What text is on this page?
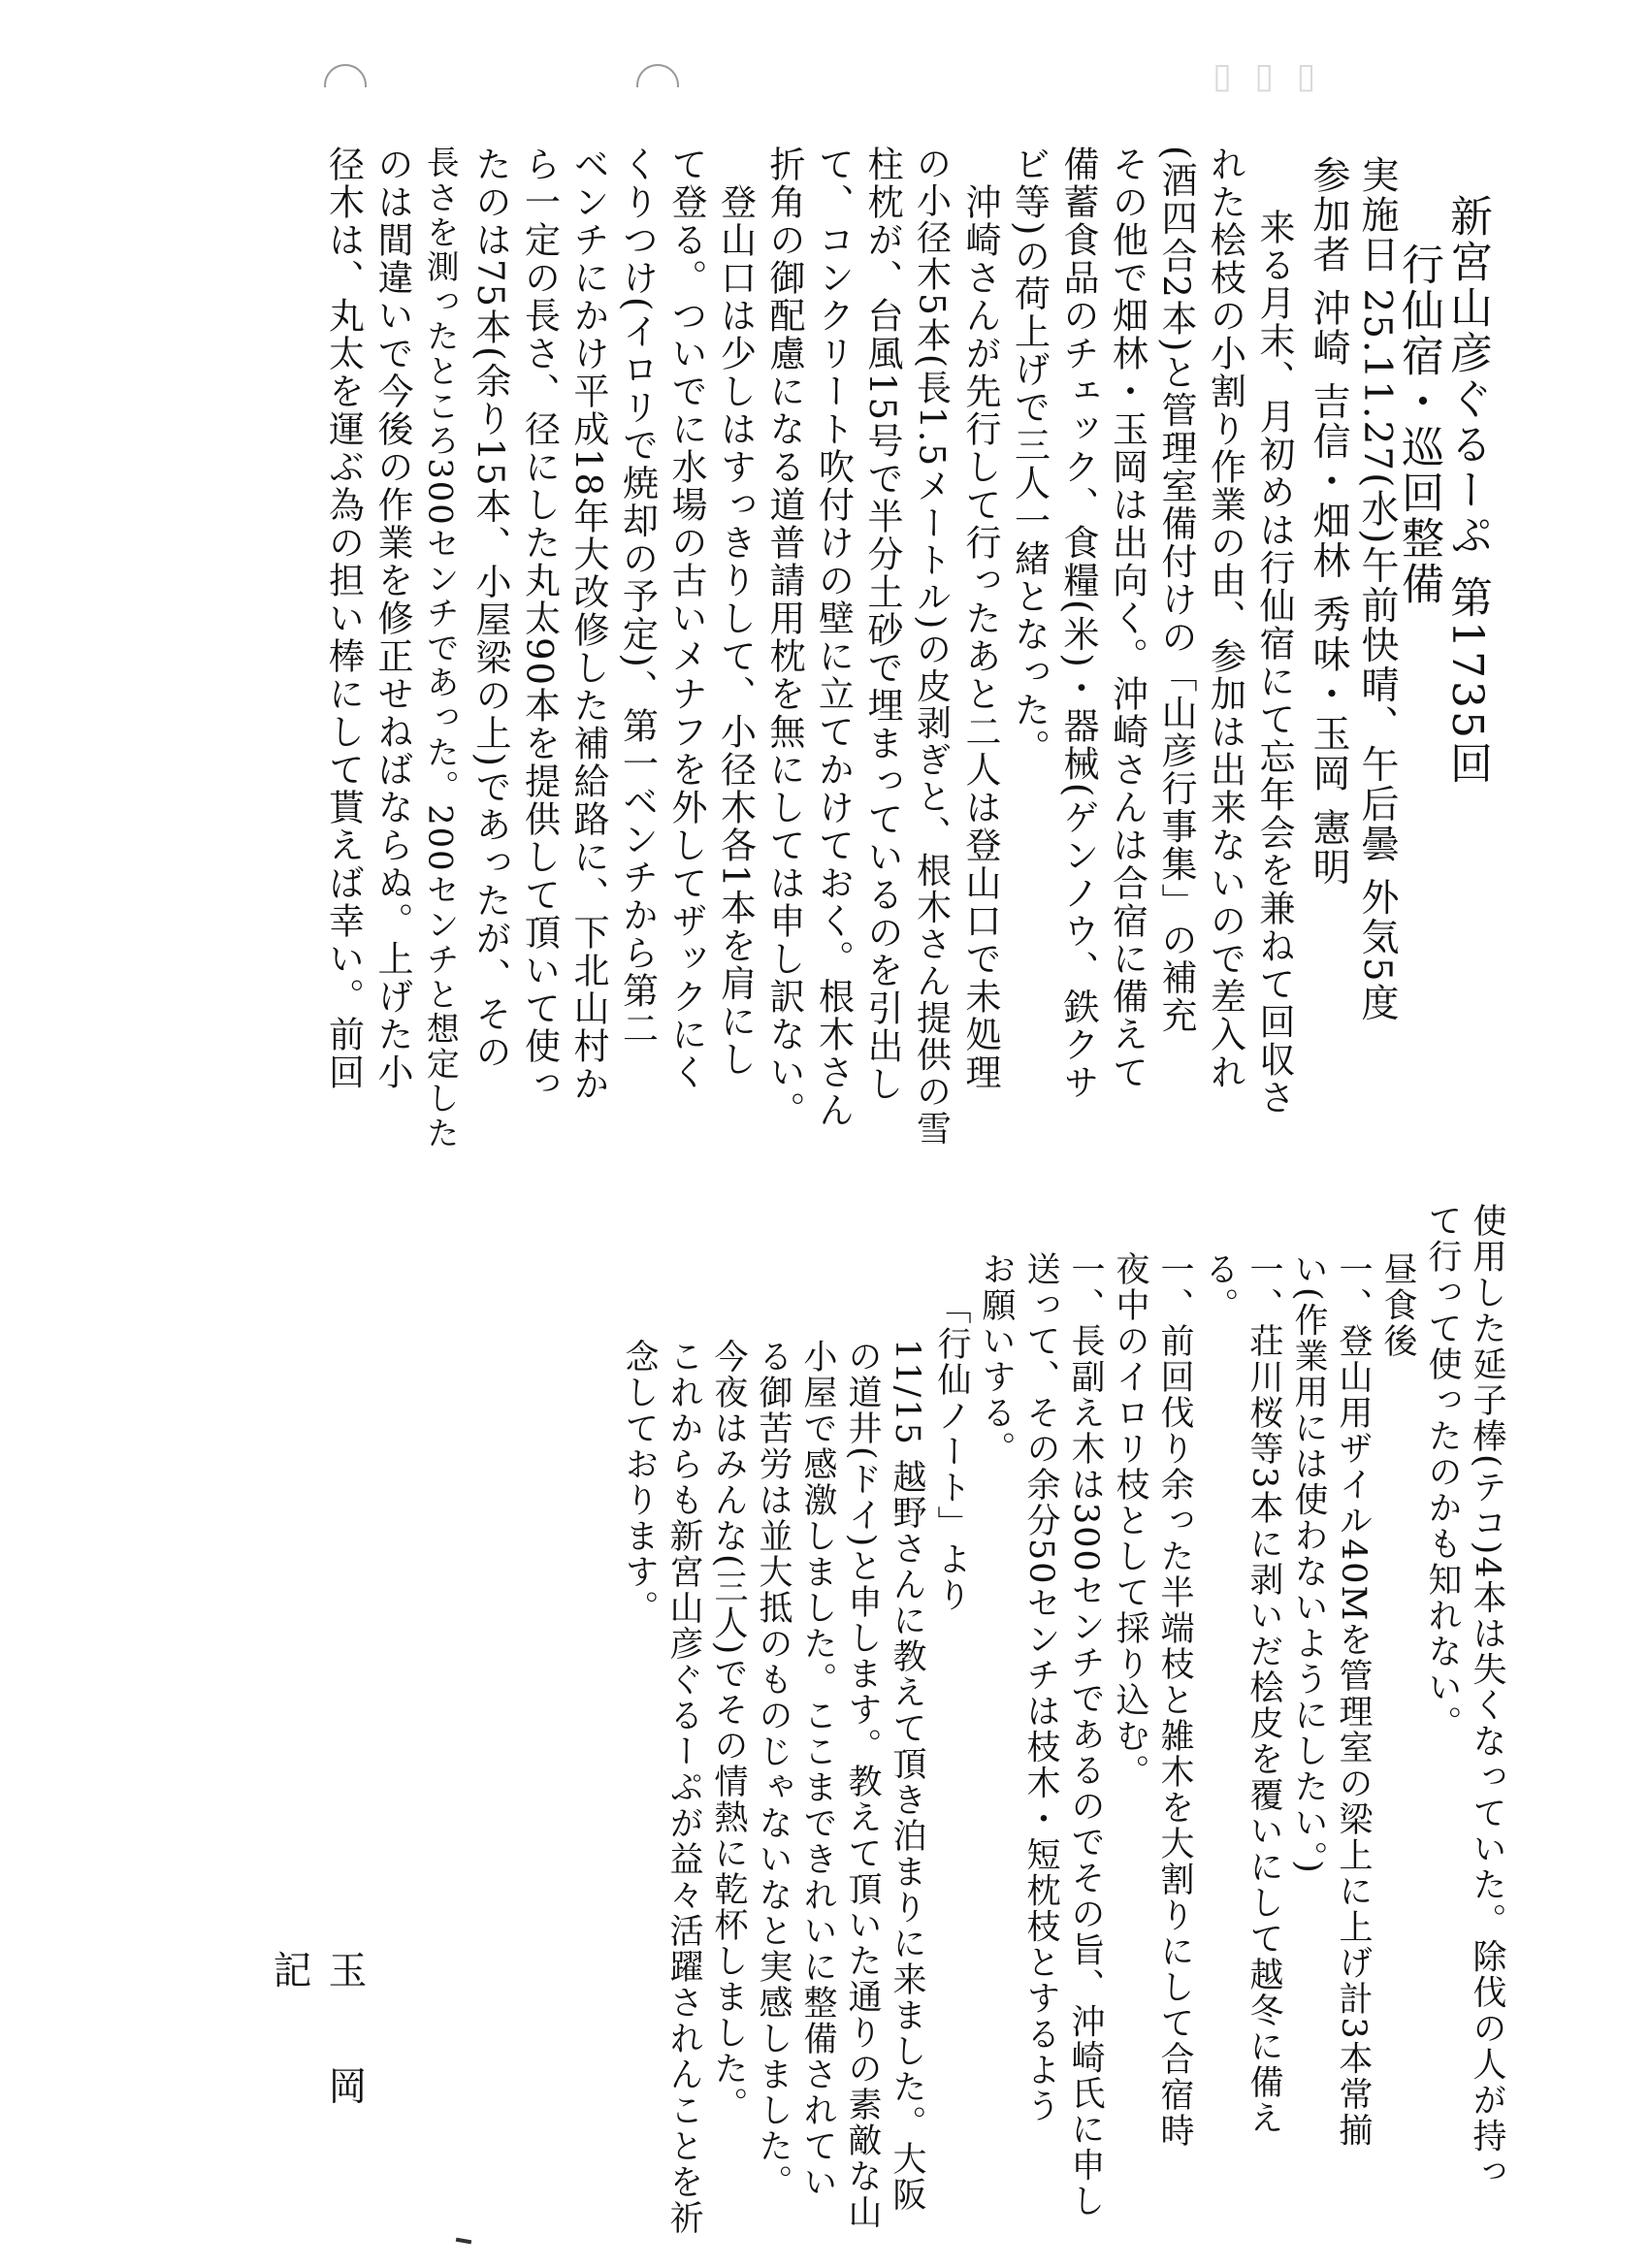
▯ ▯ ▯
新宮山彦ぐるーぷ 第1735回
行仙宿・巡回整備
実施日 25.11.27(水)午前快晴、午后曇 外気5度
参加者 沖崎 吉信・畑林 秀味・玉岡 憲明
来る月末、月初めは行仙宿にて忘年会を兼ねて回収さ
れた桧枝の小割り作業の由、参加は出来ないので差入れ
(酒四合2本)と管理室備付けの「山彦行事集」の補充
その他で畑林・玉岡は出向く。沖崎さんは合宿に備えて
備蓄食品のチェック、食糧(米)・器械(ゲンノウ、鉄クサ
ビ等)の荷上げで三人一緒となった。
　沖崎さんが先行して行ったあと二人は登山口で未処理
の小径木5本(長1.5メートル)の皮剥ぎと、根木さん提供の雪
柱枕が、台風15号で半分土砂で埋まっているのを引出し
て、コンクリート吹付けの壁に立てかけておく。根木さん
折角の御配慮になる道普請用枕を無にしては申し訳ない。
　登山口は少しはすっきりして、小径木各1本を肩にし
て登る。ついでに水場の古いメナフを外してザックにく
くりつけ(イロリで焼却の予定)、第一ベンチから第二
ベンチにかけ平成18年大改修した補給路に、下北山村か
ら一定の長さ、径にした丸太90本を提供して頂いて使っ
たのは75本(余り15本、小屋梁の上)であったが、その
長さを測ったところ300センチであった。200センチと想定した
のは間違いで今後の作業を修正せねばならぬ。上げた小
径木は、丸太を運ぶ為の担い棒にして貰えば幸い。前回
使用した延子棒(テコ)4本は失くなっていた。除伐の人が持っ
て行って使ったのかも知れない。
昼食後
一、登山用ザイル40Mを管理室の梁上に上げ計3本常揃
い(作業用には使わないようにしたい。)
一、荘川桜等3本に剥いだ桧皮を覆いにして越冬に備え
る。
一、前回伐り余った半端枝と雑木を大割りにして合宿時
夜中のイロリ枝として採り込む。
一、長副え木は300センチであるのでその旨、沖崎氏に申し
送って、その余分50センチは枝木・短枕枝とするよう
お願いする。
「行仙ノート」より
11/15 越野さんに教えて頂き泊まりに来ました。大阪
の道井(ドイ)と申します。教えて頂いた通りの素敵な山
小屋で感激しました。ここまできれいに整備されてい
る御苦労は並大抵のものじゃないなと実感しました。
今夜はみんな(三人)でその情熱に乾杯しました。
これからも新宮山彦ぐるーぷが益々活躍されんことを祈
念しております。
玉岡 記
